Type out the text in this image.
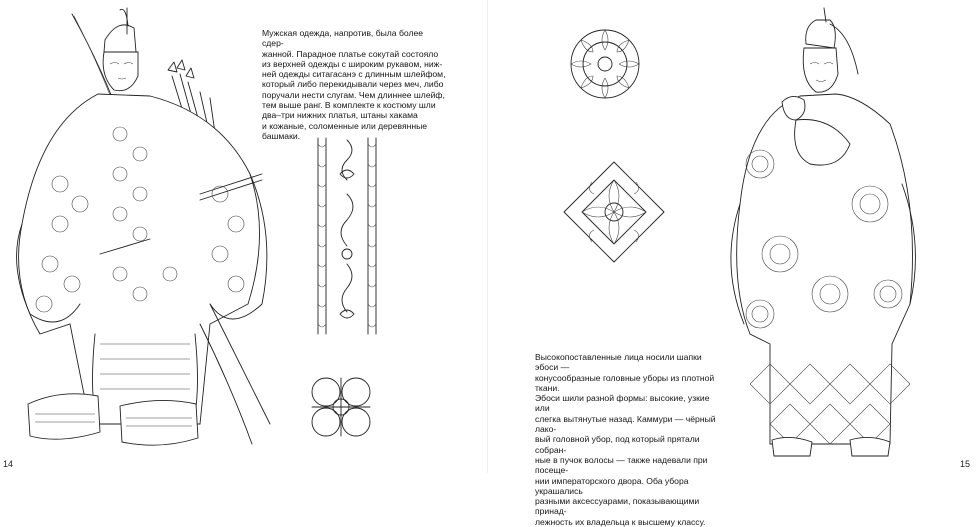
Мужская одежда, напротив, была более сдер-
жанной. Парадное платье сокутай состояло
из верхней одежды с широким рукавом, ниж-
ней одежды ситагасанэ с длинным шлейфом,
который либо перекидывали через меч, либо
поручали нести слугам. Чем длиннее шлейф,
тем выше ранг. В комплекте к костюму шли
два–три нижних платья, штаны хакама
и кожаные, соломенные или деревянные
башмаки.

14

Высокопоставленные лица носили шапки эбоси —
конусообразные головные уборы из плотной ткани.
Эбоси шили разной формы: высокие, узкие или
слегка вытянутые назад. Каммури — чёрный лако-
вый головной убор, под который прятали собран-
ные в пучок волосы — также надевали при посеще-
нии императорского двора. Оба убора украшались
разными аксессуарами, показывающими принад-
лежность их владельца к высшему классу.

15
